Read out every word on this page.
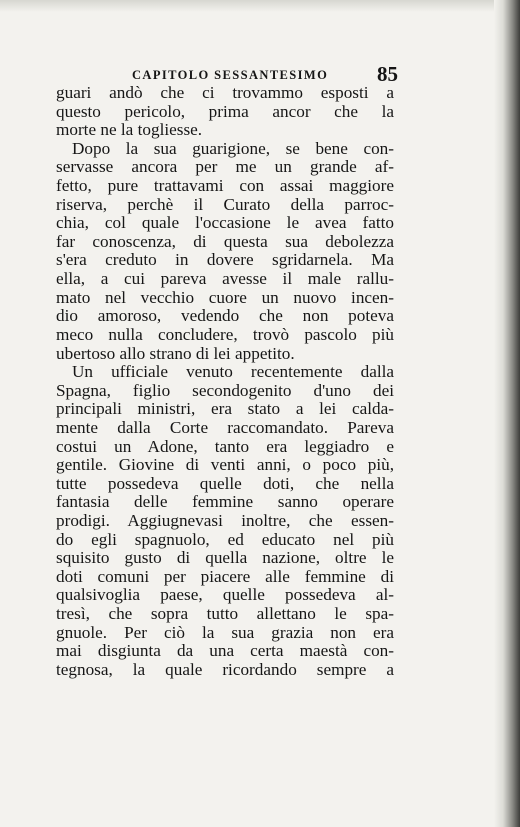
CAPITOLO SESSANTESIMO 85
guari andò che ci trovammo esposti a
questo pericolo, prima ancor che la
morte ne la togliesse.
Dopo la sua guarigione, se bene con-
servasse ancora per me un grande af-
fetto, pure trattavami con assai maggiore
riserva, perchè il Curato della parroc-
chia, col quale l'occasione le avea fatto
far conoscenza, di questa sua debolezza
s'era creduto in dovere sgridarnela. Ma
ella, a cui pareva avesse il male rallu-
mato nel vecchio cuore un nuovo incen-
dio amoroso, vedendo che non poteva
meco nulla concludere, trovò pascolo più
ubertoso allo strano di lei appetito.
Un ufficiale venuto recentemente dalla
Spagna, figlio secondogenito d'uno dei
principali ministri, era stato a lei calda-
mente dalla Corte raccomandato. Pareva
costui un Adone, tanto era leggiadro e
gentile. Giovine di venti anni, o poco più,
tutte possedeva quelle doti, che nella
fantasia delle femmine sanno operare
prodigi. Aggiugnevasi inoltre, che essen-
do egli spagnuolo, ed educato nel più
squisito gusto di quella nazione, oltre le
doti comuni per piacere alle femmine di
qualsivoglia paese, quelle possedeva al-
tresì, che sopra tutto allettano le spa-
gnuole. Per ciò la sua grazia non era
mai disgiunta da una certa maestà con-
tegnosa, la quale ricordando sempre a
